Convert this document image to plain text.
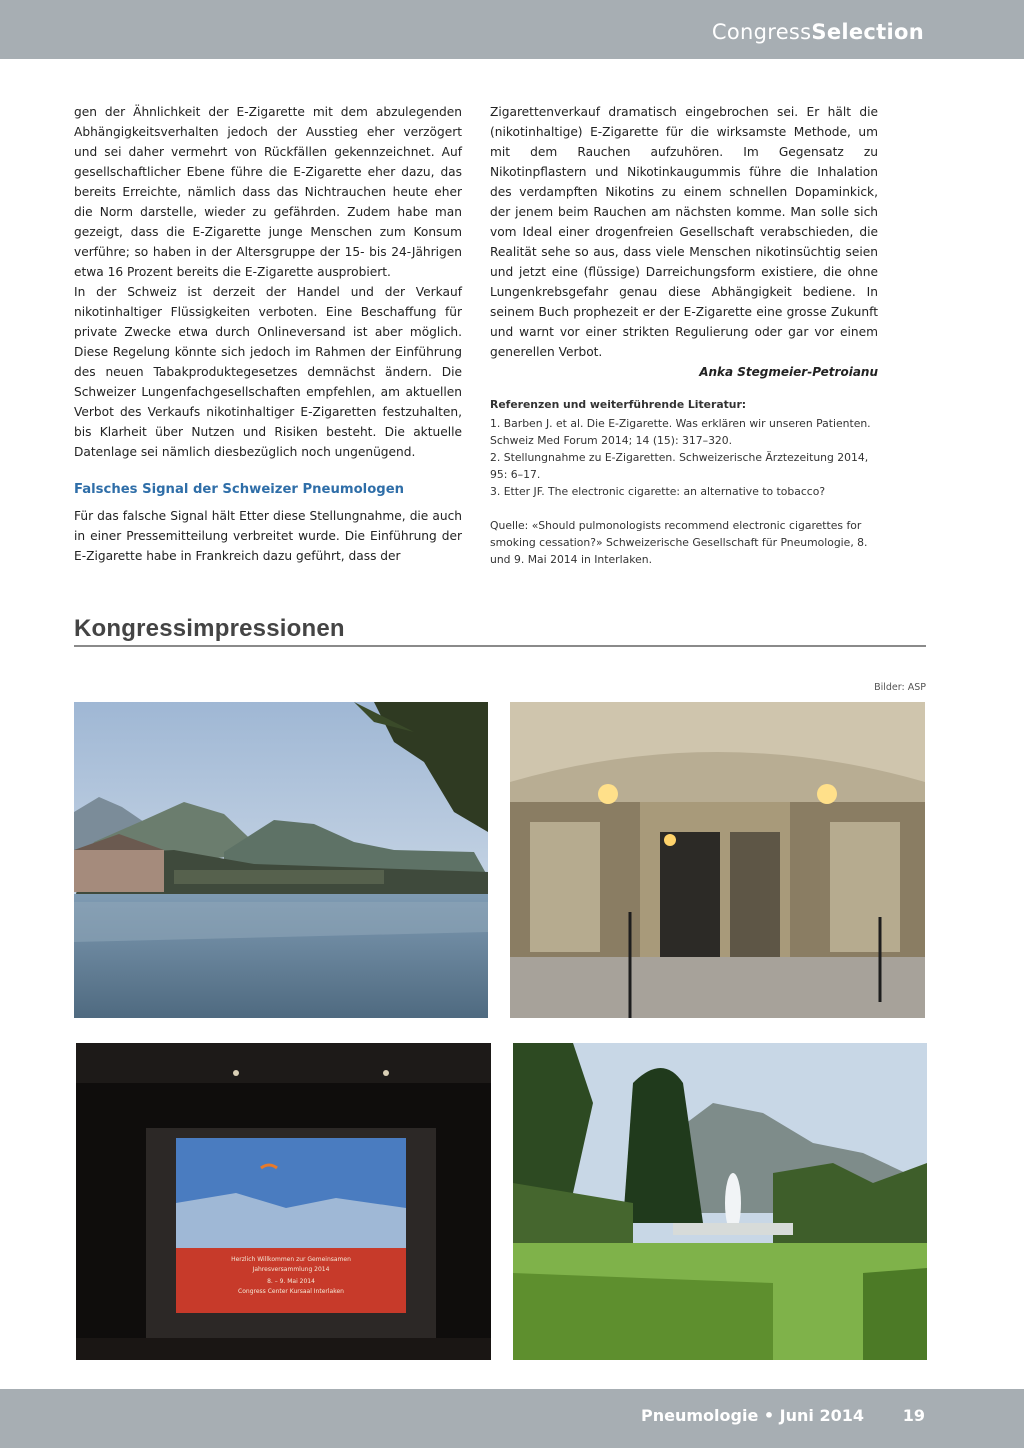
CongressSelection

gen der Ähnlichkeit der E-Zigarette mit dem abzulegenden Abhängigkeitsverhalten jedoch der Ausstieg eher verzögert und sei daher vermehrt von Rückfällen gekennzeichnet. Auf gesellschaftlicher Ebene führe die E-Zigarette eher dazu, das bereits Erreichte, nämlich dass das Nichtrauchen heute eher die Norm darstelle, wieder zu gefährden. Zudem habe man gezeigt, dass die E-Zigarette junge Menschen zum Konsum verführe; so haben in der Altersgruppe der 15- bis 24-Jährigen etwa 16 Prozent bereits die E-Zigarette ausprobiert.

In der Schweiz ist derzeit der Handel und der Verkauf nikotinhaltiger Flüssigkeiten verboten. Eine Beschaffung für private Zwecke etwa durch Onlineversand ist aber möglich. Diese Regelung könnte sich jedoch im Rahmen der Einführung des neuen Tabakproduktegesetzes demnächst ändern. Die Schweizer Lungenfachgesellschaften empfehlen, am aktuellen Verbot des Verkaufs nikotinhaltiger E-Zigaretten festzuhalten, bis Klarheit über Nutzen und Risiken besteht. Die aktuelle Datenlage sei nämlich diesbezüglich noch ungenügend.

Falsches Signal der Schweizer Pneumologen

Für das falsche Signal hält Etter diese Stellungnahme, die auch in einer Pressemitteilung verbreitet wurde. Die Einführung der E-Zigarette habe in Frankreich dazu geführt, dass der

Zigarettenverkauf dramatisch eingebrochen sei. Er hält die (nikotinhaltige) E-Zigarette für die wirksamste Methode, um mit dem Rauchen aufzuhören. Im Gegensatz zu Nikotinpflastern und Nikotinkaugummis führe die Inhalation des verdampften Nikotins zu einem schnellen Dopaminkick, der jenem beim Rauchen am nächsten komme. Man solle sich vom Ideal einer drogenfreien Gesellschaft verabschieden, die Realität sehe so aus, dass viele Menschen nikotinsüchtig seien und jetzt eine (flüssige) Darreichungsform existiere, die ohne Lungenkrebsgefahr genau diese Abhängigkeit bediene. In seinem Buch prophezeit er der E-Zigarette eine grosse Zukunft und warnt vor einer strikten Regulierung oder gar vor einem generellen Verbot.

Anka Stegmeier-Petroianu
Referenzen und weiterführende Literatur:
1. Barben J. et al. Die E-Zigarette. Was erklären wir unseren Patienten. Schweiz Med Forum 2014; 14 (15): 317–320.
2. Stellungnahme zu E-Zigaretten. Schweizerische Ärztezeitung 2014, 95: 6–17.
3. Etter JF. The electronic cigarette: an alternative to tobacco?
Quelle: «Should pulmonologists recommend electronic cigarettes for smoking cessation?» Schweizerische Gesellschaft für Pneumologie, 8. und 9. Mai 2014 in Interlaken.
Kongressimpressionen
Bilder: ASP
Herzlich Willkommen zur Gemeinsamen
Jahresversammlung 2014
8. – 9. Mai 2014
Congress Center Kursaal Interlaken
Pneumologie • Juni 2014 19
